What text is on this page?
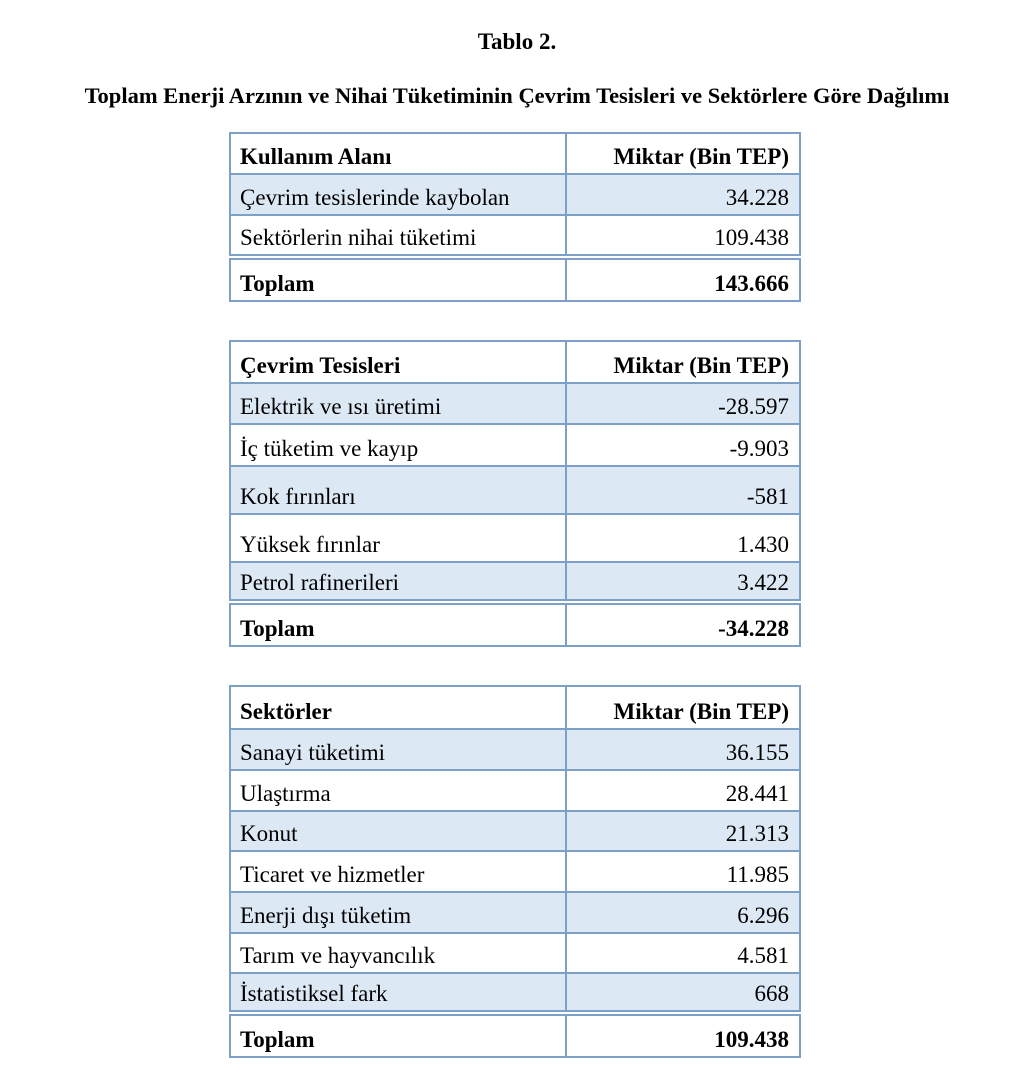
Tablo 2.
Toplam Enerji Arzının ve Nihai Tüketiminin Çevrim Tesisleri ve Sektörlere Göre Dağılımı
Kullanım Alanı	Miktar (Bin TEP)
Çevrim tesislerinde kaybolan	34.228
Sektörlerin nihai tüketimi	109.438
Toplam	143.666
Çevrim Tesisleri	Miktar (Bin TEP)
Elektrik ve ısı üretimi	-28.597
İç tüketim ve kayıp	-9.903
Kok fırınları	-581
Yüksek fırınlar	1.430
Petrol rafinerileri	3.422
Toplam	-34.228
Sektörler	Miktar (Bin TEP)
Sanayi tüketimi	36.155
Ulaştırma	28.441
Konut	21.313
Ticaret ve hizmetler	11.985
Enerji dışı tüketim	6.296
Tarım ve hayvancılık	4.581
İstatistiksel fark	668
Toplam	109.438
